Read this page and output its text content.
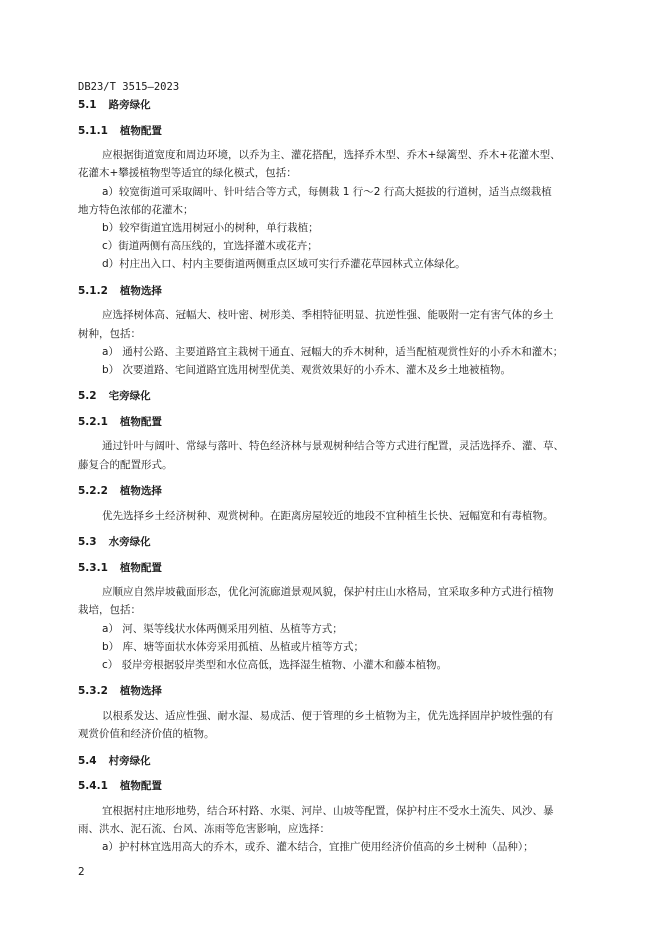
DB23/T 3515—2023
5.1 路旁绿化
5.1.1 植物配置
应根据街道宽度和周边环境，以乔为主、灌花搭配，选择乔木型、乔木+绿篱型、乔木+花灌木型、
花灌木+攀援植物型等适宜的绿化模式，包括：
a）较宽街道可采取阔叶、针叶结合等方式，每侧栽 1 行～2 行高大挺拔的行道树，适当点缀栽植
地方特色浓郁的花灌木；
b）较窄街道宜选用树冠小的树种，单行栽植；
c）街道两侧有高压线的，宜选择灌木或花卉；
d）村庄出入口、村内主要街道两侧重点区域可实行乔灌花草园林式立体绿化。
5.1.2 植物选择
应选择树体高、冠幅大、枝叶密、树形美、季相特征明显、抗逆性强、能吸附一定有害气体的乡土
树种，包括：
a） 通村公路、主要道路宜主栽树干通直、冠幅大的乔木树种，适当配植观赏性好的小乔木和灌木；
b） 次要道路、宅间道路宜选用树型优美、观赏效果好的小乔木、灌木及乡土地被植物。
5.2 宅旁绿化
5.2.1 植物配置
通过针叶与阔叶、常绿与落叶、特色经济林与景观树种结合等方式进行配置，灵活选择乔、灌、草、
藤复合的配置形式。
5.2.2 植物选择
优先选择乡土经济树种、观赏树种。在距离房屋较近的地段不宜种植生长快、冠幅宽和有毒植物。
5.3 水旁绿化
5.3.1 植物配置
应顺应自然岸坡截面形态，优化河流廊道景观风貌，保护村庄山水格局，宜采取多种方式进行植物
栽培，包括：
a） 河、渠等线状水体两侧采用列植、丛植等方式；
b） 库、塘等面状水体旁采用孤植、丛植或片植等方式；
c） 驳岸旁根据驳岸类型和水位高低，选择湿生植物、小灌木和藤本植物。
5.3.2 植物选择
以根系发达、适应性强、耐水湿、易成活、便于管理的乡土植物为主，优先选择固岸护坡性强的有
观赏价值和经济价值的植物。
5.4 村旁绿化
5.4.1 植物配置
宜根据村庄地形地势，结合环村路、水渠、河岸、山坡等配置，保护村庄不受水土流失、风沙、暴
雨、洪水、泥石流、台风、冻雨等危害影响，应选择：
a）护村林宜选用高大的乔木，或乔、灌木结合，宜推广使用经济价值高的乡土树种（品种）；
2
